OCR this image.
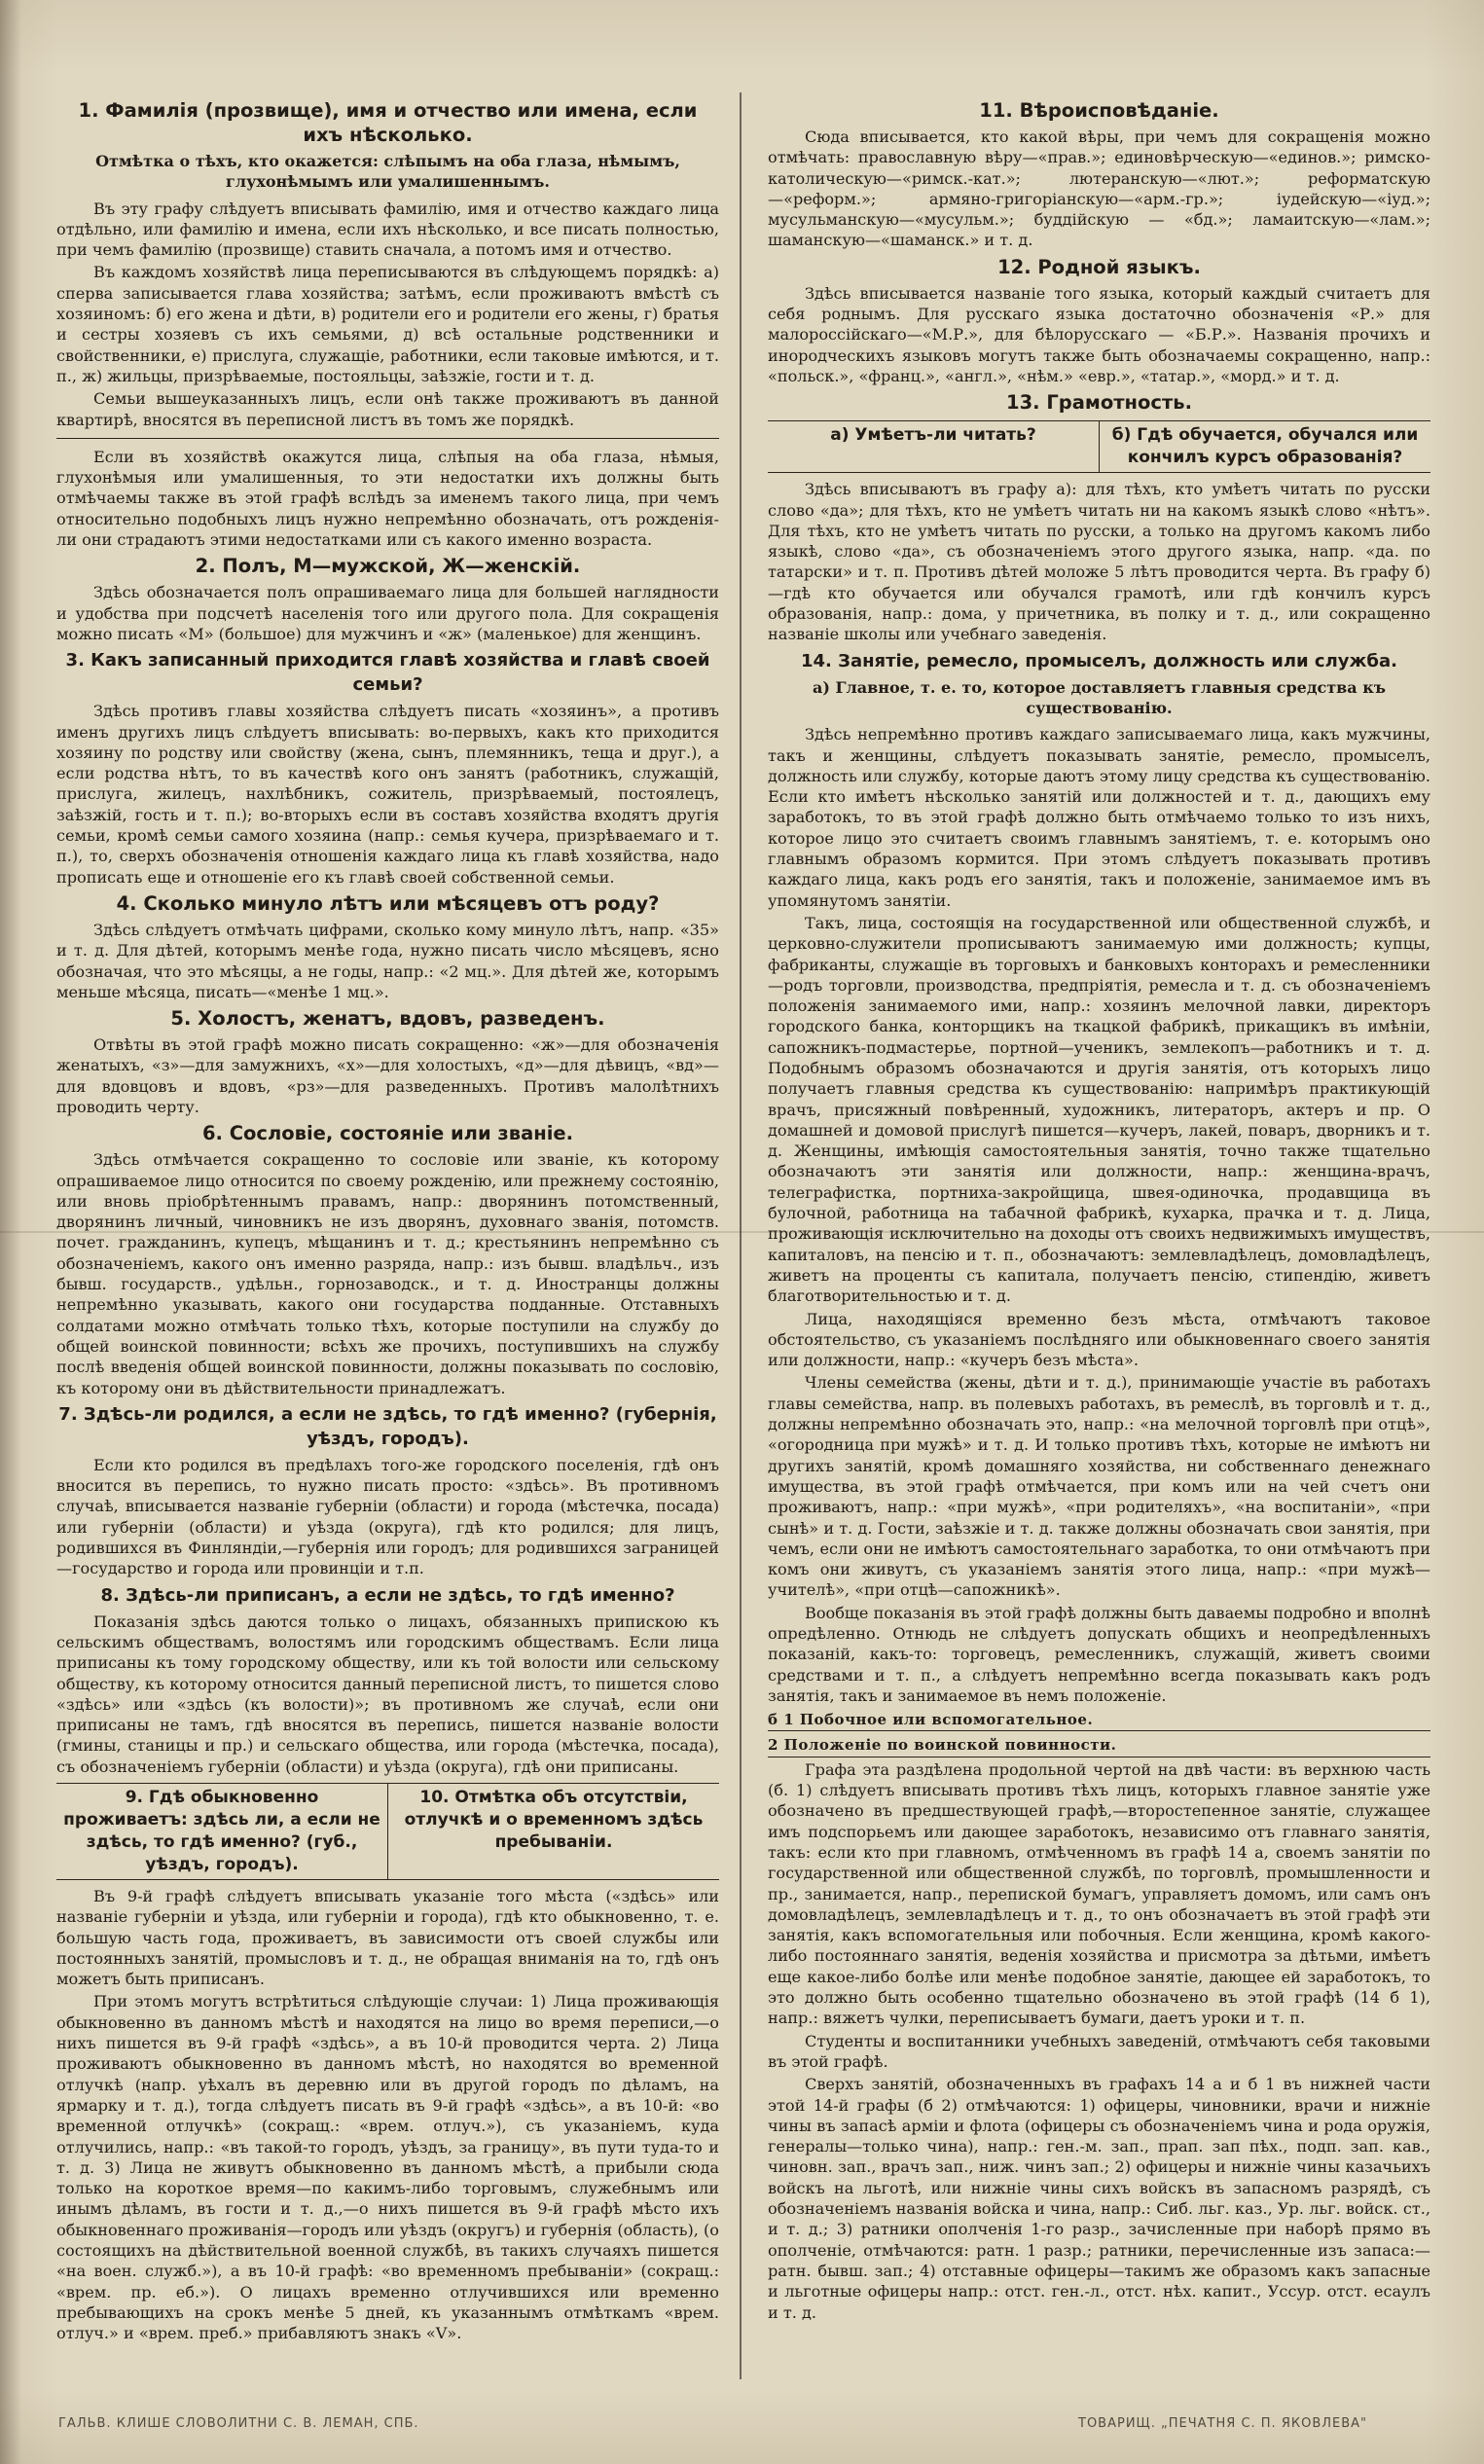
1. Фамилія (прозвище), имя и отчество или имена, если ихъ нѣсколько.
Отмѣтка о тѣхъ, кто окажется: слѣпымъ на оба глаза, нѣмымъ, глухонѣмымъ или умалишеннымъ.

Въ эту графу слѣдуетъ вписывать фамилію, имя и отчество каждаго лица отдѣльно, или фамилію и имена, если ихъ нѣсколько, и все писать полностью, при чемъ фамилію (прозвище) ставить сначала, а потомъ имя и отчество.

Въ каждомъ хозяйствѣ лица переписываются въ слѣдующемъ порядкѣ: а) сперва записывается глава хозяйства; затѣмъ, если проживаютъ вмѣстѣ съ хозяиномъ: б) его жена и дѣти, в) родители его и родители его жены, г) братья и сестры хозяевъ съ ихъ семьями, д) всѣ остальные родственники и свойственники, е) прислуга, служащіе, работники, если таковые имѣются, и т. п., ж) жильцы, призрѣваемые, постояльцы, заѣзжіе, гости и т. д.

Семьи вышеуказанныхъ лицъ, если онѣ также проживаютъ въ данной квартирѣ, вносятся въ переписной листъ въ томъ же порядкѣ.

Если въ хозяйствѣ окажутся лица, слѣпыя на оба глаза, нѣмыя, глухонѣмыя или умалишенныя, то эти недостатки ихъ должны быть отмѣчаемы также въ этой графѣ вслѣдъ за именемъ такого лица, при чемъ относительно подобныхъ лицъ нужно непремѣнно обозначать, отъ рожденія-ли они страдаютъ этими недостатками или съ какого именно возраста.

2. Полъ, М—мужской, Ж—женскій.

Здѣсь обозначается полъ опрашиваемаго лица для большей наглядности и удобства при подсчетѣ населенія того или другого пола. Для сокращенія можно писать «М» (большое) для мужчинъ и «ж» (маленькое) для женщинъ.

3. Какъ записанный приходится главѣ хозяйства и главѣ своей семьи?

Здѣсь противъ главы хозяйства слѣдуетъ писать «хозяинъ», а противъ именъ другихъ лицъ слѣдуетъ вписывать: во-первыхъ, какъ кто приходится хозяину по родству или свойству (жена, сынъ, племянникъ, теща и друг.), а если родства нѣтъ, то въ качествѣ кого онъ занятъ (работникъ, служащій, прислуга, жилецъ, нахлѣбникъ, сожитель, призрѣваемый, постоялецъ, заѣзжій, гость и т. п.); во-вторыхъ если въ составъ хозяйства входятъ другія семьи, кромѣ семьи самого хозяина (напр.: семья кучера, призрѣваемаго и т. п.), то, сверхъ обозначенія отношенія каждаго лица къ главѣ хозяйства, надо прописать еще и отношеніе его къ главѣ своей собственной семьи.

4. Сколько минуло лѣтъ или мѣсяцевъ отъ роду?

Здѣсь слѣдуетъ отмѣчать цифрами, сколько кому минуло лѣтъ, напр. «35» и т. д. Для дѣтей, которымъ менѣе года, нужно писать число мѣсяцевъ, ясно обозначая, что это мѣсяцы, а не годы, напр.: «2 мц.». Для дѣтей же, которымъ меньше мѣсяца, писать—«менѣе 1 мц.».

5. Холостъ, женатъ, вдовъ, разведенъ.

Отвѣты въ этой графѣ можно писать сокращенно: «ж»—для обозначенія женатыхъ, «з»—для замужнихъ, «х»—для холостыхъ, «д»—для дѣвицъ, «вд»—для вдовцовъ и вдовъ, «рз»—для разведенныхъ. Противъ малолѣтнихъ проводить черту.

6. Сословіе, состояніе или званіе.

Здѣсь отмѣчается сокращенно то сословіе или званіе, къ которому опрашиваемое лицо относится по своему рожденію, или прежнему состоянію, или вновь пріобрѣтеннымъ правамъ, напр.: дворянинъ потомственный, дворянинъ личный, чиновникъ не изъ дворянъ, духовнаго званія, потомств. почет. гражданинъ, купецъ, мѣщанинъ и т. д.; крестьянинъ непремѣнно съ обозначеніемъ, какого онъ именно разряда, напр.: изъ бывш. владѣльч., изъ бывш. государств., удѣльн., горнозаводск., и т. д. Иностранцы должны непремѣнно указывать, какого они государства подданные. Отставныхъ солдатами можно отмѣчать только тѣхъ, которые поступили на службу до общей воинской повинности; всѣхъ же прочихъ, поступившихъ на службу послѣ введенія общей воинской повинности, должны показывать по сословію, къ которому они въ дѣйствительности принадлежатъ.

7. Здѣсь-ли родился, а если не здѣсь, то гдѣ именно? (губернія, уѣздъ, городъ).

Если кто родился въ предѣлахъ того-же городского поселенія, гдѣ онъ вносится въ перепись, то нужно писать просто: «здѣсь». Въ противномъ случаѣ, вписывается названіе губерніи (области) и города (мѣстечка, посада) или губерніи (области) и уѣзда (округа), гдѣ кто родился; для лицъ, родившихся въ Финляндіи,—губернія или городъ; для родившихся заграницей—государство и города или провинціи и т.п.

8. Здѣсь-ли приписанъ, а если не здѣсь, то гдѣ именно?

Показанія здѣсь даются только о лицахъ, обязанныхъ припискою къ сельскимъ обществамъ, волостямъ или городскимъ обществамъ. Если лица приписаны къ тому городскому обществу, или къ той волости или сельскому обществу, къ которому относится данный переписной листъ, то пишется слово «здѣсь» или «здѣсь (къ волости)»; въ противномъ же случаѣ, если они приписаны не тамъ, гдѣ вносятся въ перепись, пишется названіе волости (гмины, станицы и пр.) и сельскаго общества, или города (мѣстечка, посада), съ обозначеніемъ губерніи (области) и уѣзда (округа), гдѣ они приписаны.

9. Гдѣ обыкновенно проживаетъ: здѣсь ли, а если не здѣсь, то гдѣ именно? (губ., уѣздъ, городъ).
10. Отмѣтка объ отсутствіи, отлучкѣ и о временномъ здѣсь пребываніи.

Въ 9-й графѣ слѣдуетъ вписывать указаніе того мѣста («здѣсь» или названіе губерніи и уѣзда, или губерніи и города), гдѣ кто обыкновенно, т. е. большую часть года, проживаетъ, въ зависимости отъ своей службы или постоянныхъ занятій, промысловъ и т. д., не обращая вниманія на то, гдѣ онъ можетъ быть приписанъ.

При этомъ могутъ встрѣтиться слѣдующіе случаи: 1) Лица проживающія обыкновенно въ данномъ мѣстѣ и находятся на лицо во время переписи,—о нихъ пишется въ 9-й графѣ «здѣсь», а въ 10-й проводится черта. 2) Лица проживаютъ обыкновенно въ данномъ мѣстѣ, но находятся во временной отлучкѣ (напр. уѣхалъ въ деревню или въ другой городъ по дѣламъ, на ярмарку и т. д.), тогда слѣдуетъ писать въ 9-й графѣ «здѣсь», а въ 10-й: «во временной отлучкѣ» (сокращ.: «врем. отлуч.»), съ указаніемъ, куда отлучились, напр.: «въ такой-то городъ, уѣздъ, за границу», въ пути туда-то и т. д. 3) Лица не живутъ обыкновенно въ данномъ мѣстѣ, а прибыли сюда только на короткое время—по какимъ-либо торговымъ, служебнымъ или инымъ дѣламъ, въ гости и т. д.,—о нихъ пишется въ 9-й графѣ мѣсто ихъ обыкновеннаго проживанія—городъ или уѣздъ (округъ) и губернія (область), (о состоящихъ на дѣйствительной военной службѣ, въ такихъ случаяхъ пишется «на воен. служб.»), а въ 10-й графѣ: «во временномъ пребываніи» (сокращ.: «врем. пр. еб.»). О лицахъ временно отлучившихся или временно пребывающихъ на срокъ менѣе 5 дней, къ указаннымъ отмѣткамъ «врем. отлуч.» и «врем. преб.» прибавляютъ знакъ «V».

11. Вѣроисповѣданіе.

Сюда вписывается, кто какой вѣры, при чемъ для сокращенія можно отмѣчать: православную вѣру—«прав.»; единовѣрческую—«единов.»; римско-католическую—«римск.-кат.»; лютеранскую—«лют.»; реформатскую—«реформ.»; армяно-григоріанскую—«арм.-гр.»; іудейскую—«іуд.»; мусульманскую—«мусульм.»; буддійскую — «бд.»; ламаитскую—«лам.»; шаманскую—«шаманск.» и т. д.

12. Родной языкъ.

Здѣсь вписывается названіе того языка, который каждый считаетъ для себя роднымъ. Для русскаго языка достаточно обозначенія «Р.» для малороссійскаго—«М.Р.», для бѣлорусскаго — «Б.Р.». Названія прочихъ и инородческихъ языковъ могутъ также быть обозначаемы сокращенно, напр.: «польск.», «франц.», «англ.», «нѣм.» «евр.», «татар.», «морд.» и т. д.

13. Грамотность.
а) Умѣетъ-ли читать?	б) Гдѣ обучается, обучался или кончилъ курсъ образованія?

Здѣсь вписываютъ въ графу а): для тѣхъ, кто умѣетъ читать по русски слово «да»; для тѣхъ, кто не умѣетъ читать ни на какомъ языкѣ слово «нѣтъ». Для тѣхъ, кто не умѣетъ читать по русски, а только на другомъ какомъ либо языкѣ, слово «да», съ обозначеніемъ этого другого языка, напр. «да. по татарски» и т. п. Противъ дѣтей моложе 5 лѣтъ проводится черта. Въ графу б)—гдѣ кто обучается или обучался грамотѣ, или гдѣ кончилъ курсъ образованія, напр.: дома, у причетника, въ полку и т. д., или сокращенно названіе школы или учебнаго заведенія.

14. Занятіе, ремесло, промыселъ, должность или служба.
а) Главное, т. е. то, которое доставляетъ главныя средства къ существованію.

Здѣсь непремѣнно противъ каждаго записываемаго лица, какъ мужчины, такъ и женщины, слѣдуетъ показывать занятіе, ремесло, промыселъ, должность или службу, которые даютъ этому лицу средства къ существованію. Если кто имѣетъ нѣсколько занятій или должностей и т. д., дающихъ ему заработокъ, то въ этой графѣ должно быть отмѣчаемо только то изъ нихъ, которое лицо это считаетъ своимъ главнымъ занятіемъ, т. е. которымъ оно главнымъ образомъ кормится. При этомъ слѣдуетъ показывать противъ каждаго лица, какъ родъ его занятія, такъ и положеніе, занимаемое имъ въ упомянутомъ занятіи.

Такъ, лица, состоящія на государственной или общественной службѣ, и церковно-служители прописываютъ занимаемую ими должность; купцы, фабриканты, служащіе въ торговыхъ и банковыхъ конторахъ и ремесленники—родъ торговли, производства, предпріятія, ремесла и т. д. съ обозначеніемъ положенія занимаемого ими, напр.: хозяинъ мелочной лавки, директоръ городского банка, конторщикъ на ткацкой фабрикѣ, прикащикъ въ имѣніи, сапожникъ-подмастерье, портной—ученикъ, землекопъ—работникъ и т. д. Подобнымъ образомъ обозначаются и другія занятія, отъ которыхъ лицо получаетъ главныя средства къ существованію: напримѣръ практикующій врачъ, присяжный повѣренный, художникъ, литераторъ, актеръ и пр. О домашней и домовой прислугѣ пишется—кучеръ, лакей, поваръ, дворникъ и т. д. Женщины, имѣющія самостоятельныя занятія, точно также тщательно обозначаютъ эти занятія или должности, напр.: женщина-врачъ, телеграфистка, портниха-закройщица, швея-одиночка, продавщица въ булочной, работница на табачной фабрикѣ, кухарка, прачка и т. д. Лица, проживающія исключительно на доходы отъ своихъ недвижимыхъ имуществъ, капиталовъ, на пенсію и т. п., обозначаютъ: землевладѣлецъ, домовладѣлецъ, живетъ на проценты съ капитала, получаетъ пенсію, стипендію, живетъ благотворительностью и т. д.

Лица, находящіяся временно безъ мѣста, отмѣчаютъ таковое обстоятельство, съ указаніемъ послѣдняго или обыкновеннаго своего занятія или должности, напр.: «кучеръ безъ мѣста».

Члены семейства (жены, дѣти и т. д.), принимающіе участіе въ работахъ главы семейства, напр. въ полевыхъ работахъ, въ ремеслѣ, въ торговлѣ и т. д., должны непремѣнно обозначать это, напр.: «на мелочной торговлѣ при отцѣ», «огородница при мужѣ» и т. д. И только противъ тѣхъ, которые не имѣютъ ни другихъ занятій, кромѣ домашняго хозяйства, ни собственнаго денежнаго имущества, въ этой графѣ отмѣчается, при комъ или на чей счетъ они проживаютъ, напр.: «при мужѣ», «при родителяхъ», «на воспитаніи», «при сынѣ» и т. д. Гости, заѣзжіе и т. д. также должны обозначать свои занятія, при чемъ, если они не имѣютъ самостоятельнаго заработка, то они отмѣчаютъ при комъ они живутъ, съ указаніемъ занятія этого лица, напр.: «при мужѣ—учителѣ», «при отцѣ—сапожникѣ».

Вообще показанія въ этой графѣ должны быть даваемы подробно и вполнѣ опредѣленно. Отнюдь не слѣдуетъ допускать общихъ и неопредѣленныхъ показаній, какъ-то: торговецъ, ремесленникъ, служащій, живетъ своими средствами и т. п., а слѣдуетъ непремѣнно всегда показывать какъ родъ занятія, такъ и занимаемое въ немъ положеніе.

б 1 Побочное или вспомогательное.
2 Положеніе по воинской повинности.

Графа эта раздѣлена продольной чертой на двѣ части: въ верхнюю часть (б. 1) слѣдуетъ вписывать противъ тѣхъ лицъ, которыхъ главное занятіе уже обозначено въ предшествующей графѣ,—второстепенное занятіе, служащее имъ подспорьемъ или дающее заработокъ, независимо отъ главнаго занятія, такъ: если кто при главномъ, отмѣченномъ въ графѣ 14 а, своемъ занятіи по государственной или общественной службѣ, по торговлѣ, промышленности и пр., занимается, напр., перепиской бумагъ, управляетъ домомъ, или самъ онъ домовладѣлецъ, землевладѣлецъ и т. д., то онъ обозначаетъ въ этой графѣ эти занятія, какъ вспомогательныя или побочныя. Если женщина, кромѣ какого-либо постояннаго занятія, веденія хозяйства и присмотра за дѣтьми, имѣетъ еще какое-либо болѣе или менѣе подобное занятіе, дающее ей заработокъ, то это должно быть особенно тщательно обозначено въ этой графѣ (14 б 1), напр.: вяжетъ чулки, переписываетъ бумаги, даетъ уроки и т. п.

Студенты и воспитанники учебныхъ заведеній, отмѣчаютъ себя таковыми въ этой графѣ.

Сверхъ занятій, обозначенныхъ въ графахъ 14 а и б 1 въ нижней части этой 14-й графы (б 2) отмѣчаются: 1) офицеры, чиновники, врачи и нижніе чины въ запасѣ арміи и флота (офицеры съ обозначеніемъ чина и рода оружія, генералы—только чина), напр.: ген.-м. зап., прап. зап пѣх., подп. зап. кав., чиновн. зап., врачъ зап., ниж. чинъ зап.; 2) офицеры и нижніе чины казачьихъ войскъ на льготѣ, или нижніе чины сихъ войскъ въ запасномъ разрядѣ, съ обозначеніемъ названія войска и чина, напр.: Сиб. льг. каз., Ур. льг. войск. ст., и т. д.; 3) ратники ополченія 1-го разр., зачисленные при наборѣ прямо въ ополченіе, отмѣчаются: ратн. 1 разр.; ратники, перечисленные изъ запаса:—ратн. бывш. зап.; 4) отставные офицеры—такимъ же образомъ какъ запасные и льготные офицеры напр.: отст. ген.-л., отст. нѣх. капит., Уссур. отст. есаулъ и т. д.

ГАЛЬВ. КЛИШЕ СЛОВОЛИТНИ С. В. ЛЕМАН, СПБ.	ТОВАРИЩ. „ПЕЧАТНЯ С. П. ЯКОВЛЕВА"
